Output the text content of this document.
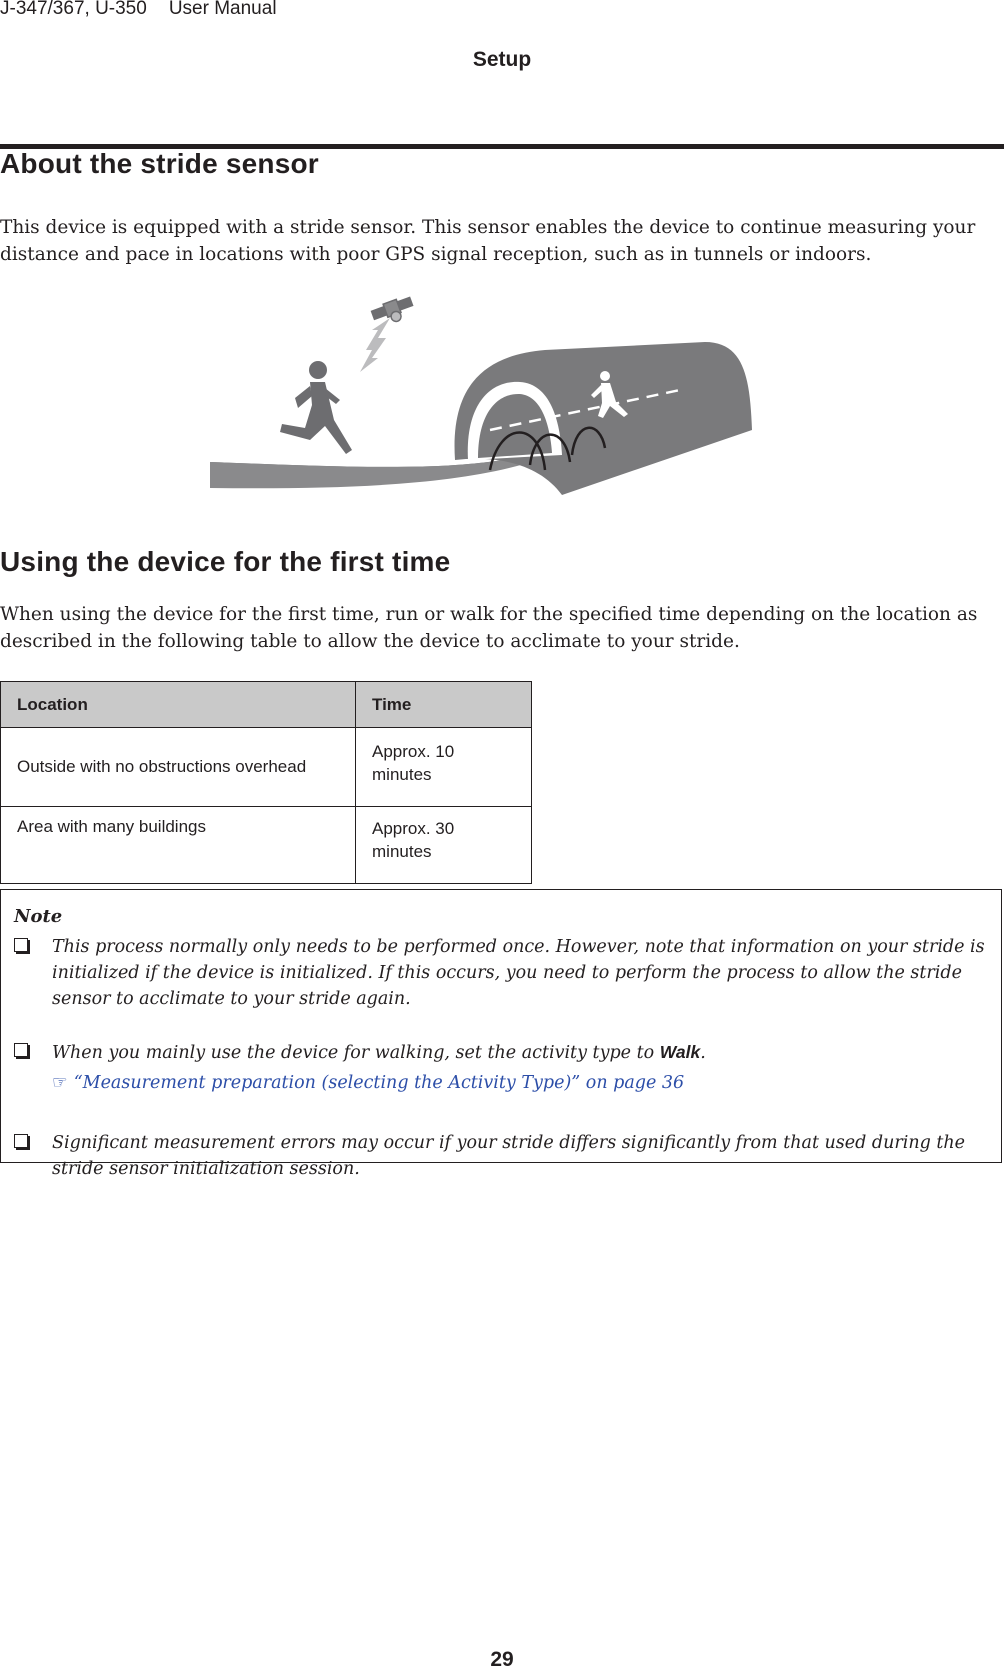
J-347/367, U-350 User Manual
Setup
About the stride sensor

This device is equipped with a stride sensor. This sensor enables the device to continue measuring your distance and pace in locations with poor GPS signal reception, such as in tunnels or indoors.

Using the device for the first time

When using the device for the first time, run or walk for the specified time depending on the location as described in the following table to allow the device to acclimate to your stride.

Location	Time
Outside with no obstructions overhead	Approx. 10 minutes
Area with many buildings	Approx. 30 minutes
Note
This process normally only needs to be performed once. However, note that information on your stride is initialized if the device is initialized. If this occurs, you need to perform the process to allow the stride sensor to acclimate to your stride again.
When you mainly use the device for walking, set the activity type to Walk.
☞ “Measurement preparation (selecting the Activity Type)” on page 36
Significant measurement errors may occur if your stride differs significantly from that used during the stride sensor initialization session.
29
